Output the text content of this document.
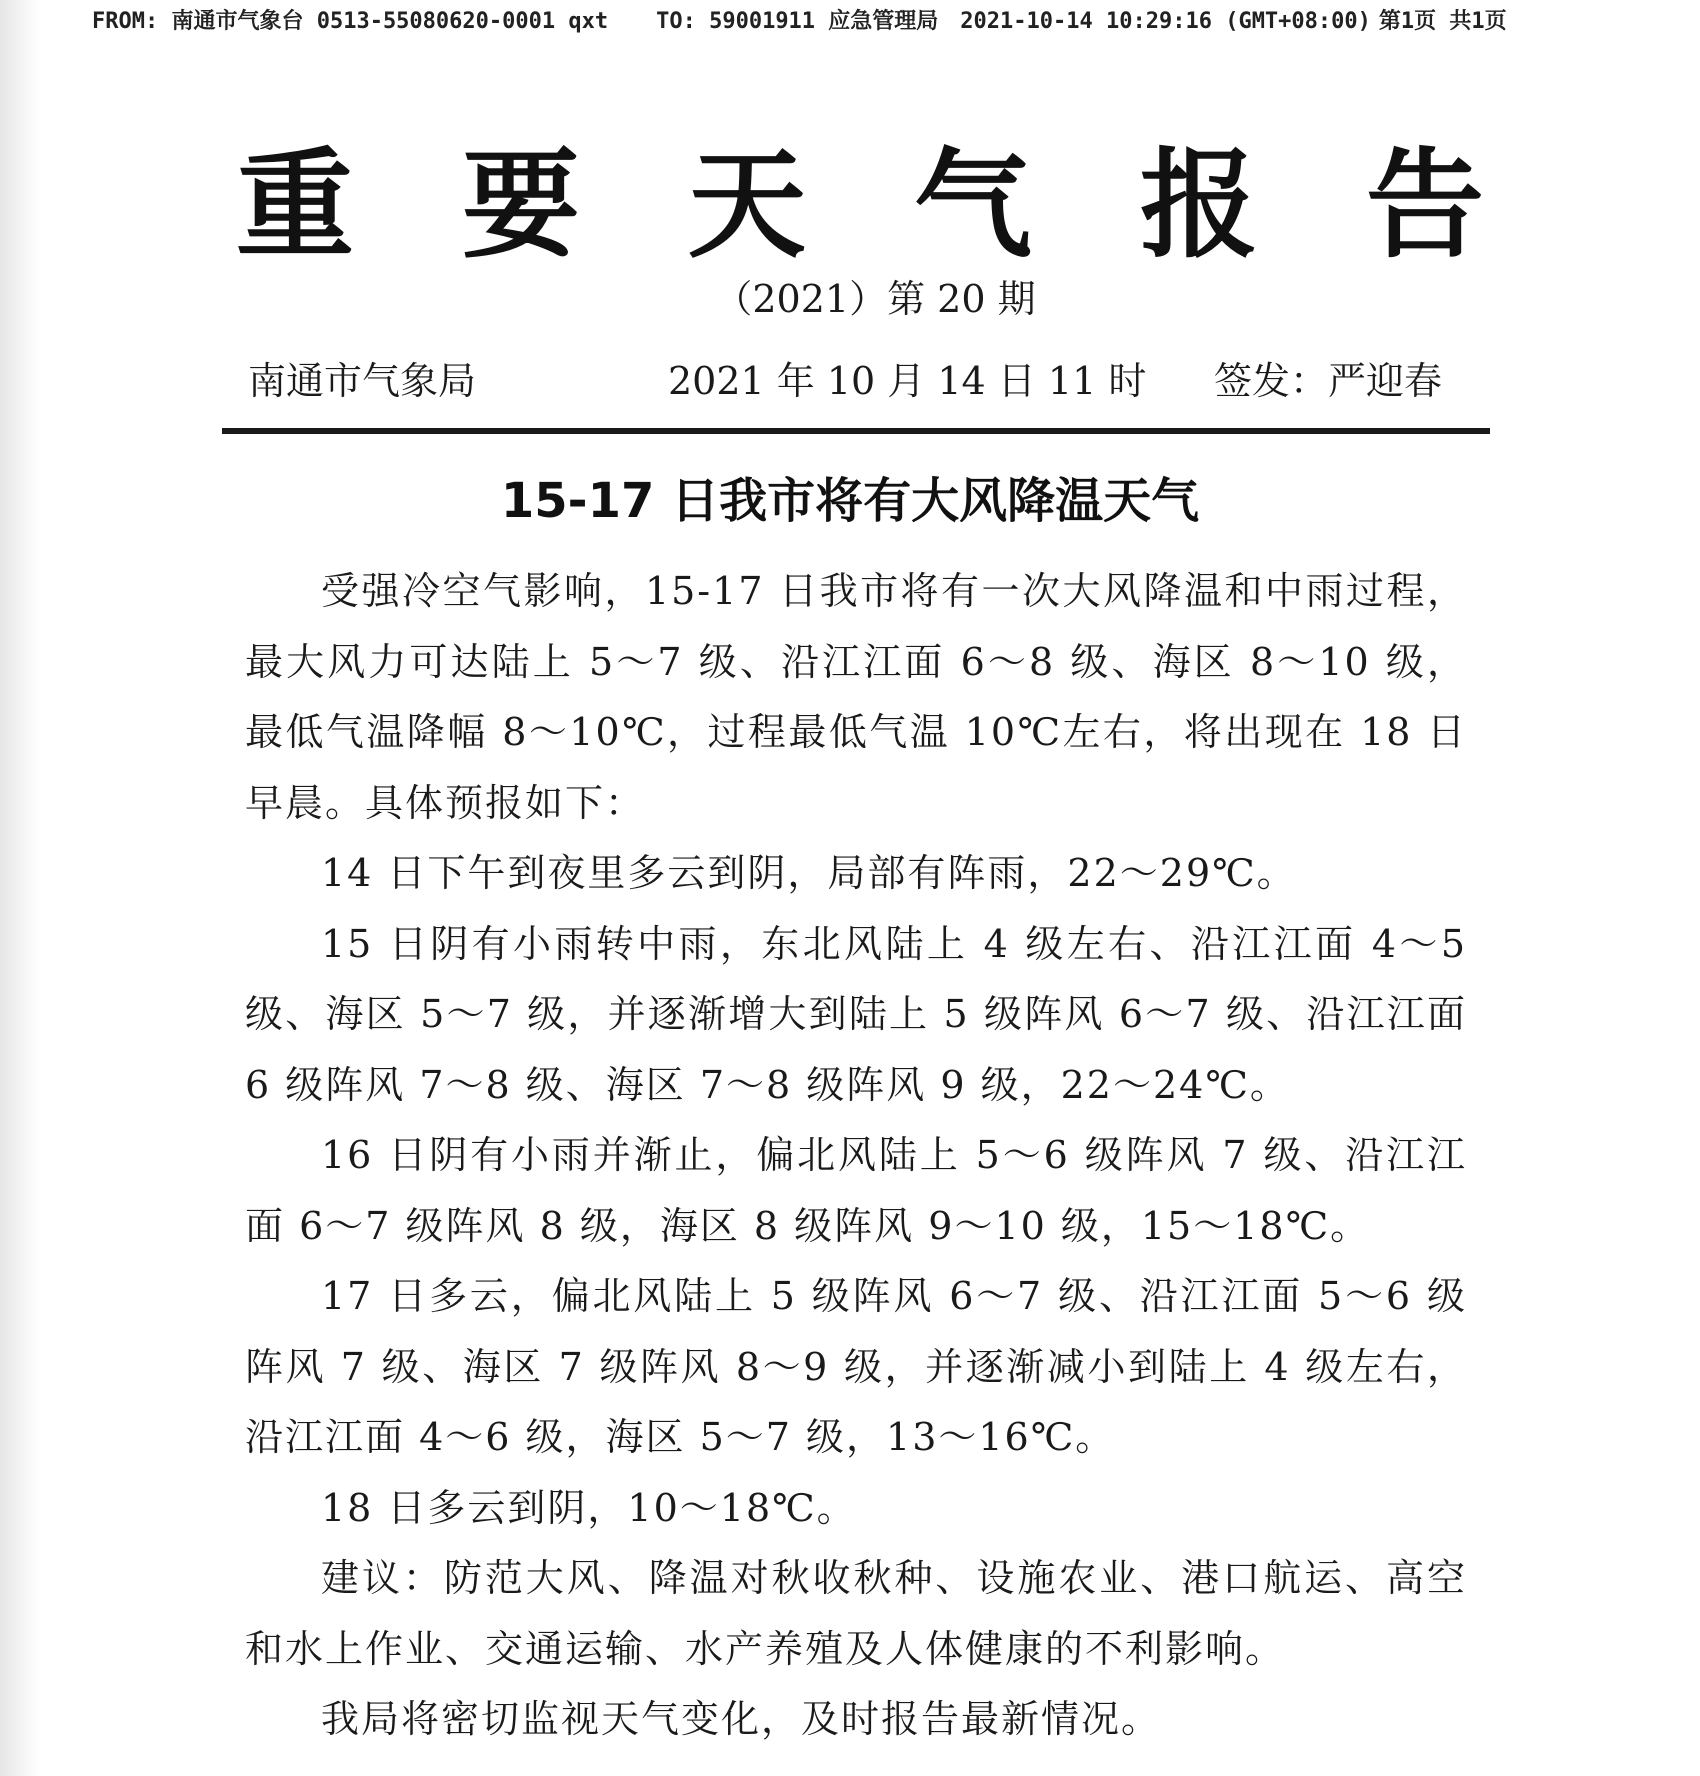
FROM: 南通市气象台 0513-55080620-0001 qxt TO: 59001911 应急管理局 2021-10-14 10:29:16 (GMT+08:00) 第1页 共1页
重 要 天 气 报 告
（2021）第 20 期
南通市气象局	2021 年 10 月 14 日 11 时 签发：严迎春
15-17 日我市将有大风降温天气

受强冷空气影响，15-17 日我市将有一次大风降温和中雨过程，最大风力可达陆上 5～7 级、沿江江面 6～8 级、海区 8～10 级，最低气温降幅 8～10℃，过程最低气温 10℃左右，将出现在 18 日早晨。具体预报如下：

14 日下午到夜里多云到阴，局部有阵雨，22～29℃。

15 日阴有小雨转中雨，东北风陆上 4 级左右、沿江江面 4～5 级、海区 5～7 级，并逐渐增大到陆上 5 级阵风 6～7 级、沿江江面 6 级阵风 7～8 级、海区 7～8 级阵风 9 级，22～24℃。

16 日阴有小雨并渐止，偏北风陆上 5～6 级阵风 7 级、沿江江面 6～7 级阵风 8 级，海区 8 级阵风 9～10 级，15～18℃。

17 日多云，偏北风陆上 5 级阵风 6～7 级、沿江江面 5～6 级阵风 7 级、海区 7 级阵风 8～9 级，并逐渐减小到陆上 4 级左右，沿江江面 4～6 级，海区 5～7 级，13～16℃。

18 日多云到阴，10～18℃。

建议：防范大风、降温对秋收秋种、设施农业、港口航运、高空和水上作业、交通运输、水产养殖及人体健康的不利影响。

我局将密切监视天气变化，及时报告最新情况。
